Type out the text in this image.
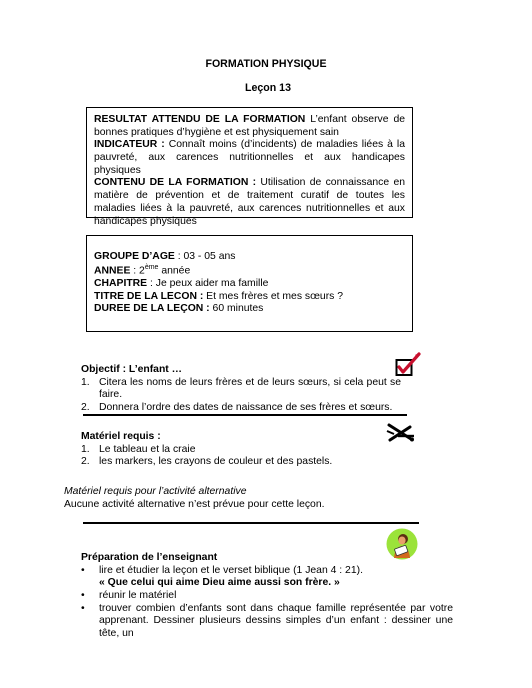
FORMATION PHYSIQUE
Leçon 13
RESULTAT ATTENDU DE LA FORMATION L’enfant observe de bonnes pratiques d’hygiène et est physiquement sain
INDICATEUR : Connaît moins (d’incidents) de maladies liées à la pauvreté, aux carences nutritionnelles et aux handicapes physiques
CONTENU DE LA FORMATION : Utilisation de connaissance en matière de prévention et de traitement curatif de toutes les maladies liées à la pauvreté, aux carences nutritionnelles et aux handicapes physiques
GROUPE D’AGE : 03 - 05 ans
ANNEE : 2ème année
CHAPITRE : Je peux aider ma famille
TITRE DE LA LECON : Et mes frères et mes sœurs ?
DUREE DE LA LEÇON : 60 minutes
Objectif : L’enfant …
1. Citera les noms de leurs frères et de leurs sœurs, si cela peut se faire.
2. Donnera l’ordre des dates de naissance de ses frères et sœurs.
Matériel requis :
1. Le tableau et la craie
2. les markers, les crayons de couleur et des pastels.
Matériel requis pour l’activité alternative
Aucune activité alternative n’est prévue pour cette leçon.
Préparation de l’enseignant
• lire et étudier la leçon et le verset biblique (1 Jean 4 : 21).
« Que celui qui aime Dieu aime aussi son frère. »
• réunir le matériel
• trouver combien d’enfants sont dans chaque famille représentée par votre apprenant. Dessiner plusieurs dessins simples d’un enfant : dessiner une tête, un
